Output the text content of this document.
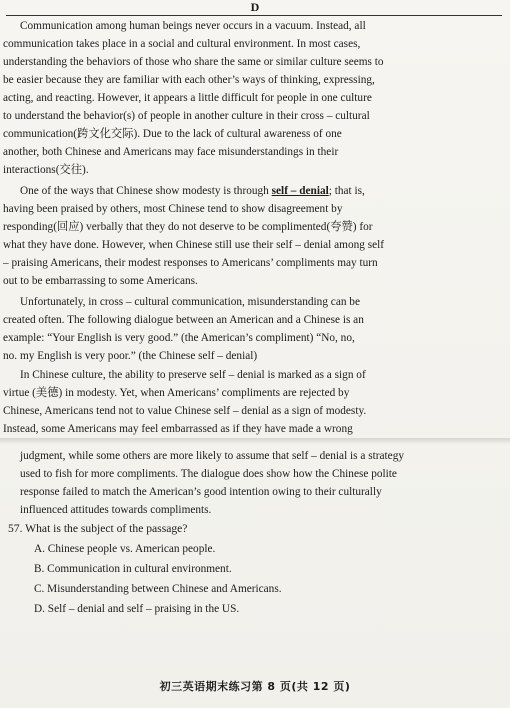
D
Communication among human beings never occurs in a vacuum. Instead, all
communication takes place in a social and cultural environment. In most cases,
understanding the behaviors of those who share the same or similar culture seems to
be easier because they are familiar with each other’s ways of thinking, expressing,
acting, and reacting. However, it appears a little difficult for people in one culture
to understand the behavior(s) of people in another culture in their cross – cultural
communication(跨文化交际). Due to the lack of cultural awareness of one
another, both Chinese and Americans may face misunderstandings in their
interactions(交往).
One of the ways that Chinese show modesty is through self – denial; that is,
having been praised by others, most Chinese tend to show disagreement by
responding(回应) verbally that they do not deserve to be complimented(夸赞) for
what they have done. However, when Chinese still use their self – denial among self
– praising Americans, their modest responses to Americans’ compliments may turn
out to be embarrassing to some Americans.
Unfortunately, in cross – cultural communication, misunderstanding can be
created often. The following dialogue between an American and a Chinese is an
example: “Your English is very good.” (the American’s compliment) “No, no,
no. my English is very poor.” (the Chinese self – denial)
In Chinese culture, the ability to preserve self – denial is marked as a sign of
virtue (美德) in modesty. Yet, when Americans’ compliments are rejected by
Chinese, Americans tend not to value Chinese self – denial as a sign of modesty.
Instead, some Americans may feel embarrassed as if they have made a wrong
judgment, while some others are more likely to assume that self – denial is a strategy
used to fish for more compliments. The dialogue does show how the Chinese polite
response failed to match the American’s good intention owing to their culturally
influenced attitudes towards compliments.
57. What is the subject of the passage?
A. Chinese people vs. American people.
B. Communication in cultural environment.
C. Misunderstanding between Chinese and Americans.
D. Self – denial and self – praising in the US.
初三英语期末练习第 8 页(共 12 页)
